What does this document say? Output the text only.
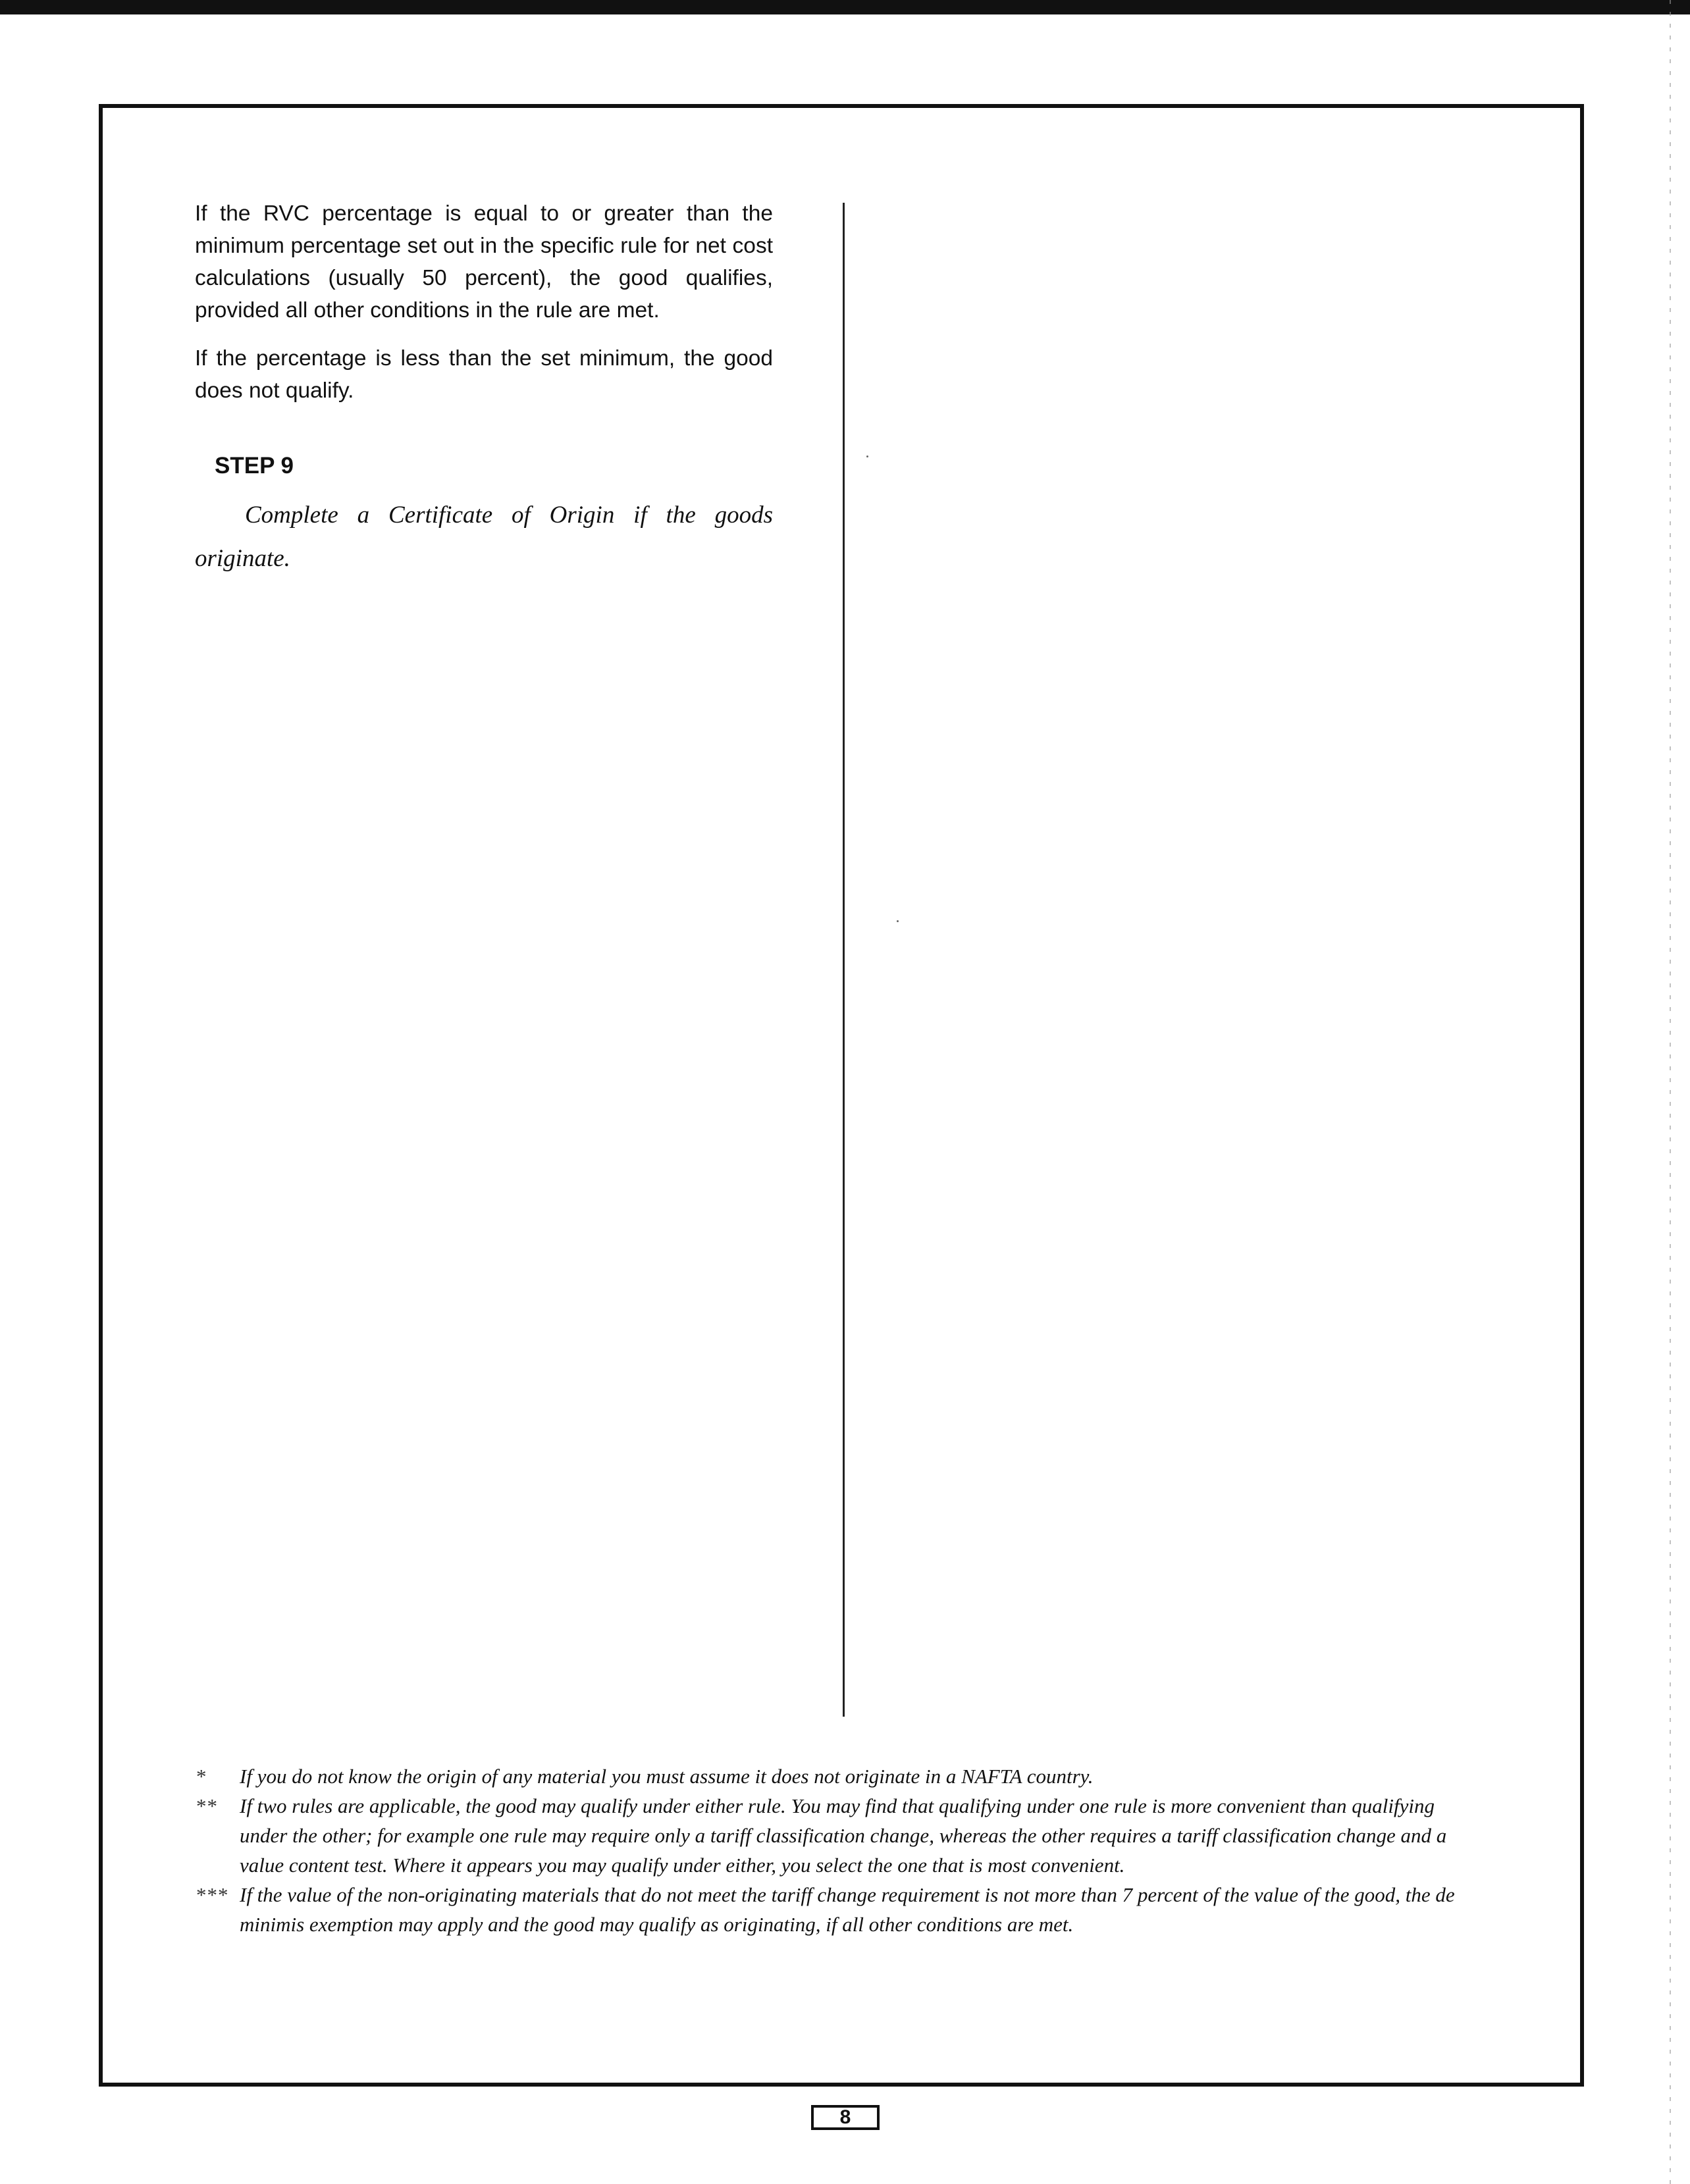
If the RVC percentage is equal to or greater than the minimum percentage set out in the specific rule for net cost calculations (usually 50 percent), the good qualifies, provided all other conditions in the rule are met.

If the percentage is less than the set minimum, the good does not qualify.

STEP 9

Complete a Certificate of Origin if the goods originate.

*	If you do not know the origin of any material you must assume it does not originate in a NAFTA country.

**	If two rules are applicable, the good may qualify under either rule. You may find that qualifying under one rule is more convenient than qualifying under the other; for example one rule may require only a tariff classification change, whereas the other requires a tariff classification change and a value content test. Where it appears you may qualify under either, you select the one that is most convenient.

*** If the value of the non-originating materials that do not meet the tariff change requirement is not more than 7 percent of the value of the good, the de minimis exemption may apply and the good may qualify as originating, if all other conditions are met.

8
